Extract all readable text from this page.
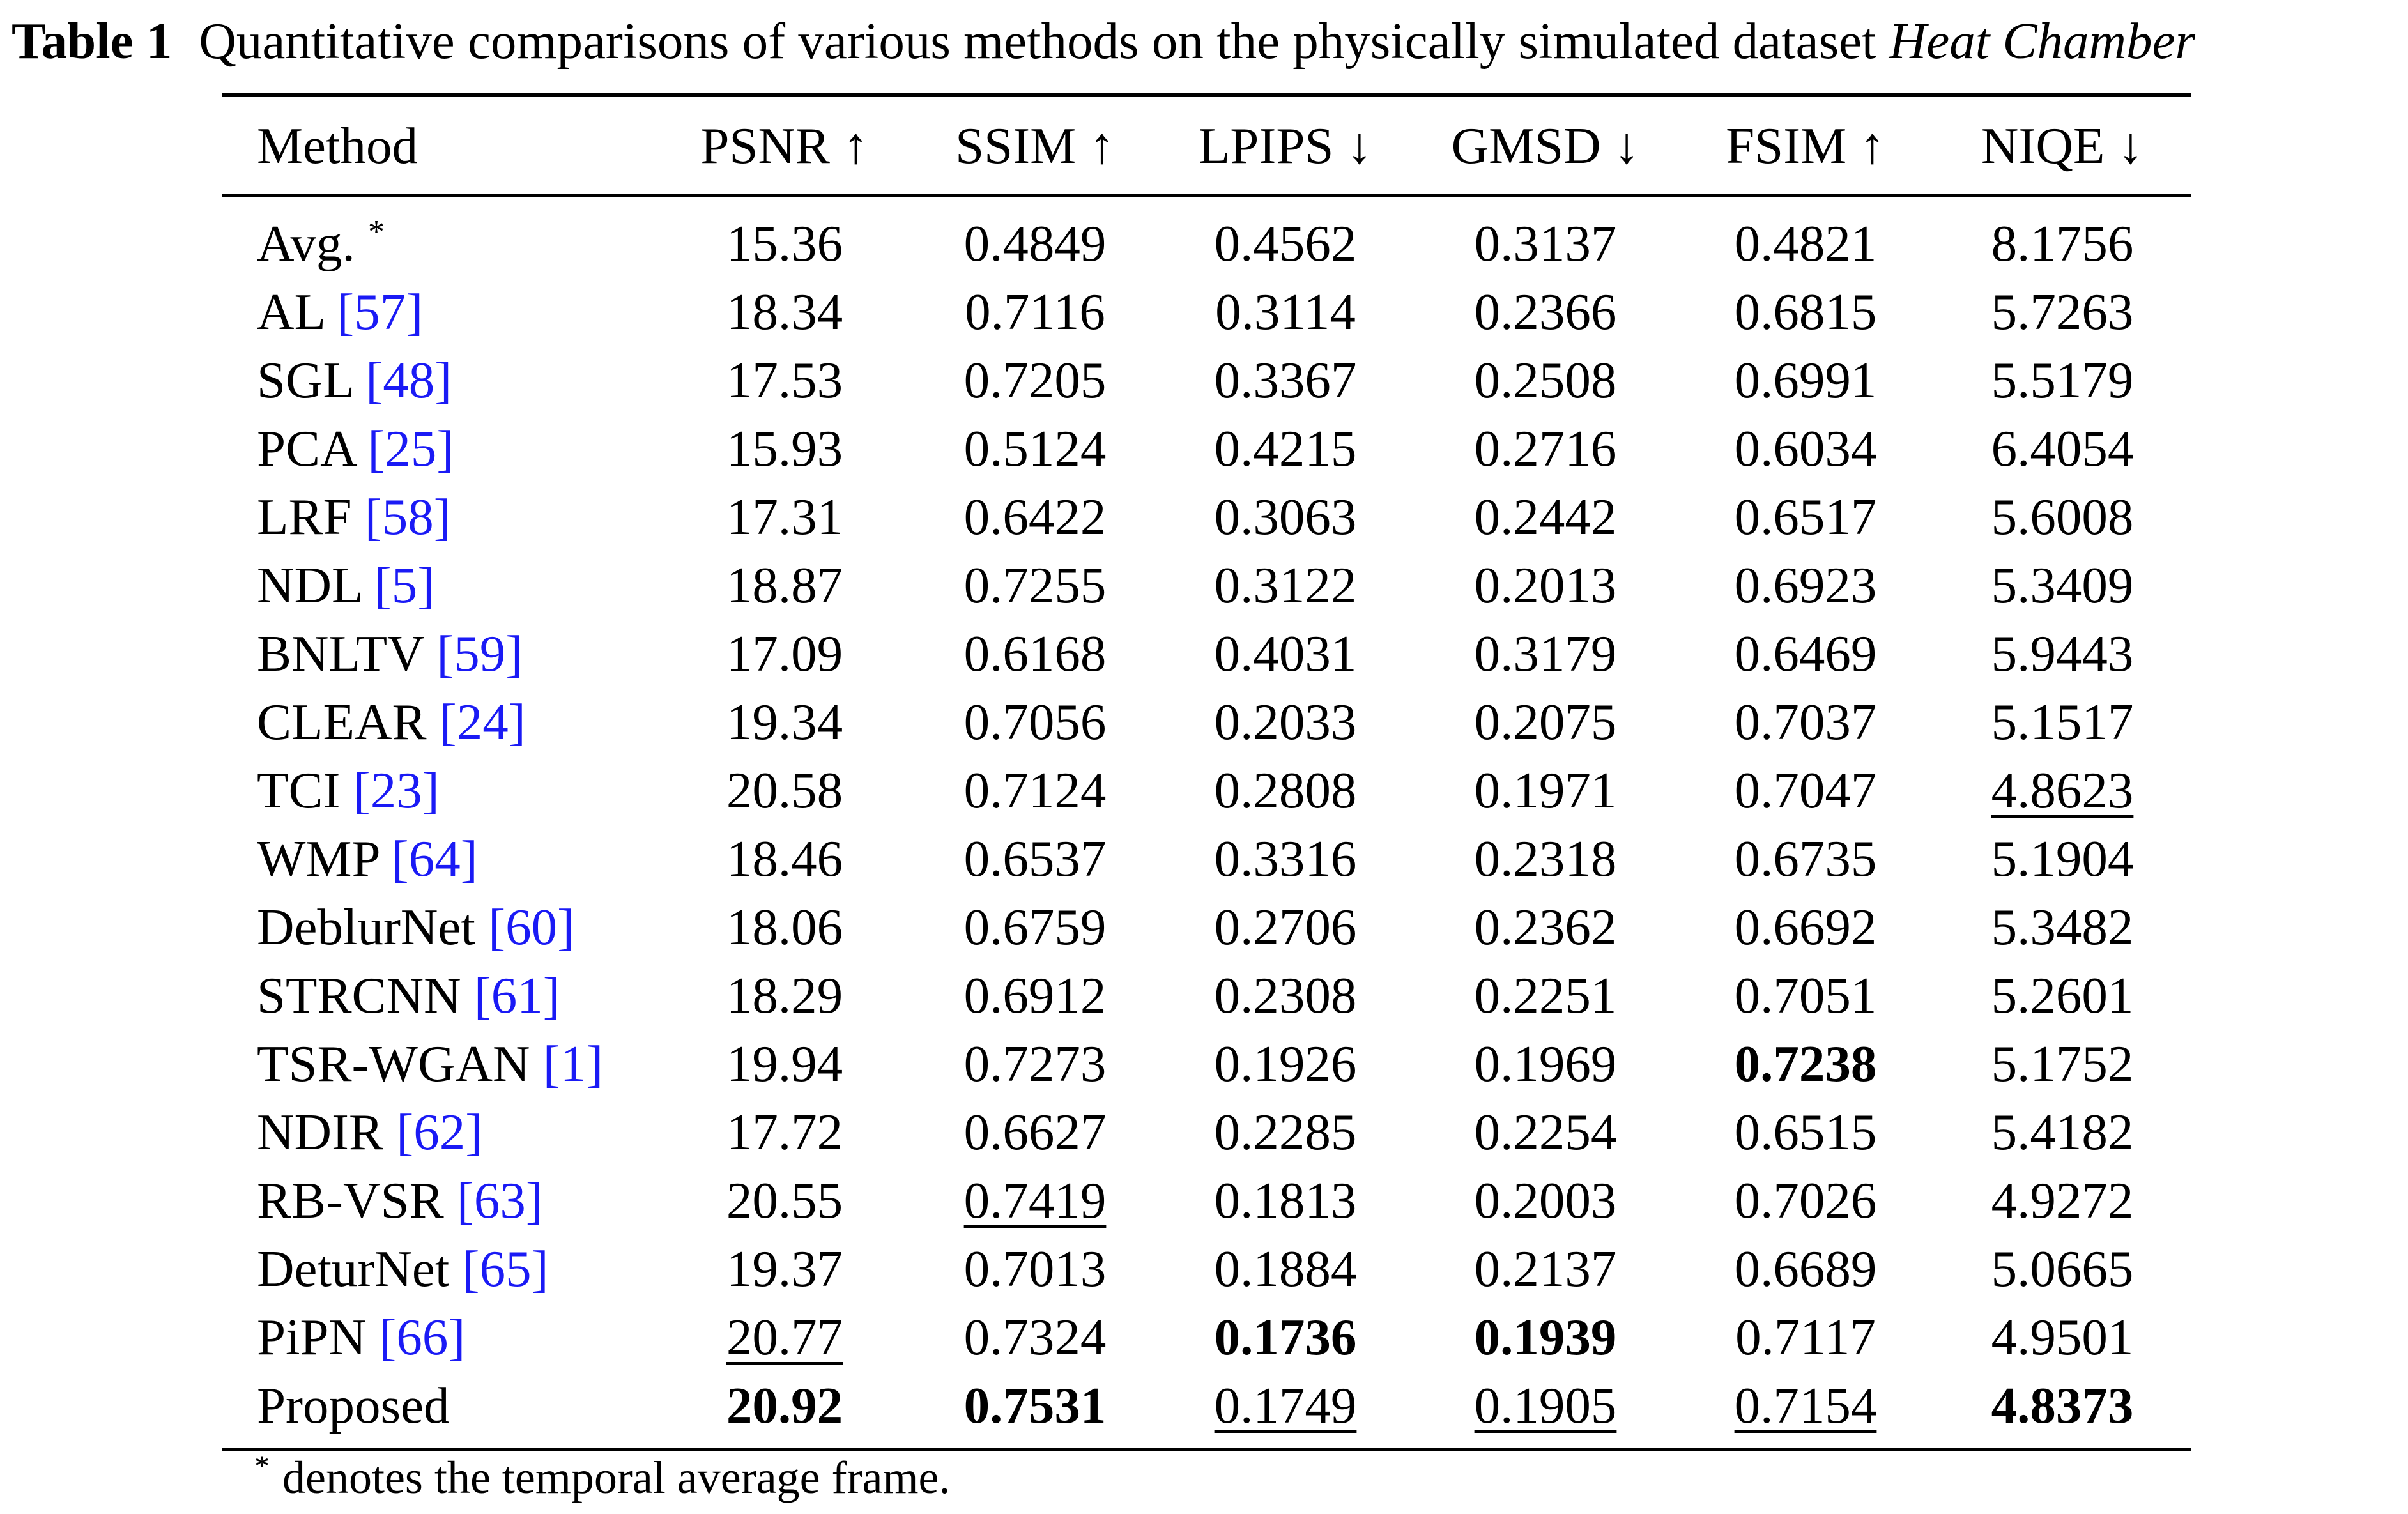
Table 1 Quantitative comparisons of various methods on the physically simulated dataset Heat Chamber
Method	PSNR ↑	SSIM ↑	LPIPS ↓	GMSD ↓	FSIM ↑	NIQE ↓
Avg. *	15.36	0.4849	0.4562	0.3137	0.4821	8.1756
AL [57]	18.34	0.7116	0.3114	0.2366	0.6815	5.7263
SGL [48]	17.53	0.7205	0.3367	0.2508	0.6991	5.5179
PCA [25]	15.93	0.5124	0.4215	0.2716	0.6034	6.4054
LRF [58]	17.31	0.6422	0.3063	0.2442	0.6517	5.6008
NDL [5]	18.87	0.7255	0.3122	0.2013	0.6923	5.3409
BNLTV [59]	17.09	0.6168	0.4031	0.3179	0.6469	5.9443
CLEAR [24]	19.34	0.7056	0.2033	0.2075	0.7037	5.1517
TCI [23]	20.58	0.7124	0.2808	0.1971	0.7047	4.8623
WMP [64]	18.46	0.6537	0.3316	0.2318	0.6735	5.1904
DeblurNet [60]	18.06	0.6759	0.2706	0.2362	0.6692	5.3482
STRCNN [61]	18.29	0.6912	0.2308	0.2251	0.7051	5.2601
TSR-WGAN [1]	19.94	0.7273	0.1926	0.1969	0.7238	5.1752
NDIR [62]	17.72	0.6627	0.2285	0.2254	0.6515	5.4182
RB-VSR [63]	20.55	0.7419	0.1813	0.2003	0.7026	4.9272
DeturNet [65]	19.37	0.7013	0.1884	0.2137	0.6689	5.0665
PiPN [66]	20.77	0.7324	0.1736	0.1939	0.7117	4.9501
Proposed	20.92	0.7531	0.1749	0.1905	0.7154	4.8373
* denotes the temporal average frame.
